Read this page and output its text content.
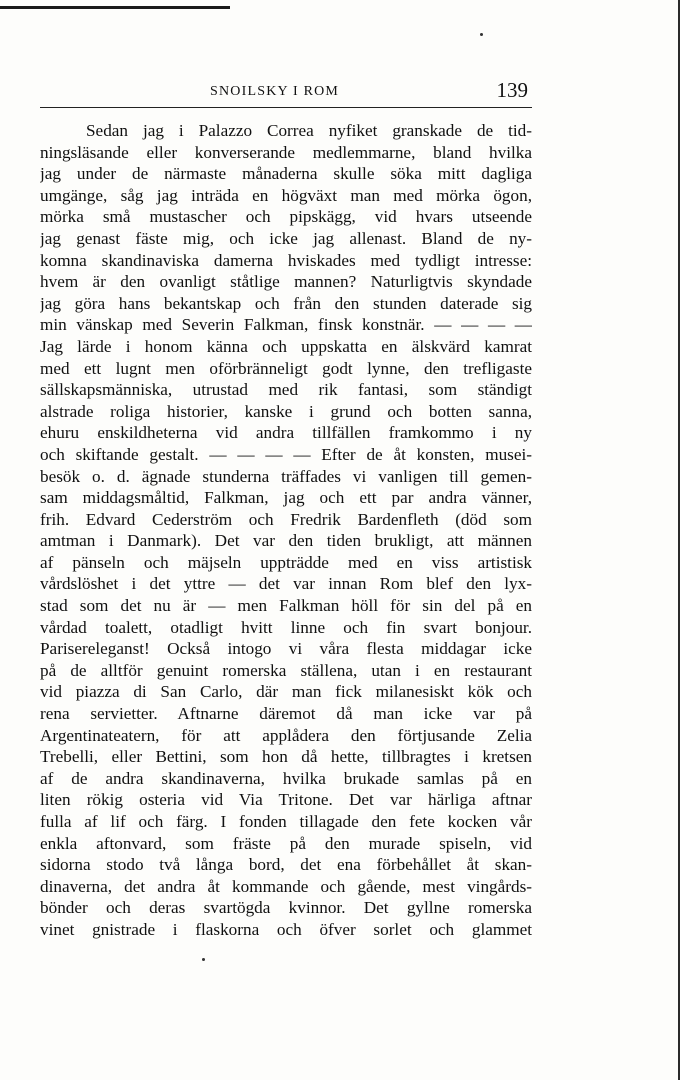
SNOILSKY I ROM	139
Sedan jag i Palazzo Correa nyfiket granskade de tid-
ningsläsande eller konverserande medlemmarne, bland hvilka
jag under de närmaste månaderna skulle söka mitt dagliga
umgänge, såg jag inträda en högväxt man med mörka ögon,
mörka små mustascher och pipskägg, vid hvars utseende
jag genast fäste mig, och icke jag allenast. Bland de ny-
komna skandinaviska damerna hviskades med tydligt intresse:
hvem är den ovanligt ståtlige mannen? Naturligtvis skyndade
jag göra hans bekantskap och från den stunden daterade sig
min vänskap med Severin Falkman, finsk konstnär. — — — —
Jag lärde i honom känna och uppskatta en älskvärd kamrat
med ett lugnt men oförbränneligt godt lynne, den trefligaste
sällskapsmänniska, utrustad med rik fantasi, som ständigt
alstrade roliga historier, kanske i grund och botten sanna,
ehuru enskildheterna vid andra tillfällen framkommo i ny
och skiftande gestalt. — — — — Efter de åt konsten, musei-
besök o. d. ägnade stunderna träffades vi vanligen till gemen-
sam middagsmåltid, Falkman, jag och ett par andra vänner,
frih. Edvard Cederström och Fredrik Bardenfleth (död som
amtman i Danmark). Det var den tiden brukligt, att männen
af pänseln och mäjseln uppträdde med en viss artistisk
vårdslöshet i det yttre — det var innan Rom blef den lyx-
stad som det nu är — men Falkman höll för sin del på en
vårdad toalett, otadligt hvitt linne och fin svart bonjour.
Parisereleganst! Också intogo vi våra flesta middagar icke
på de alltför genuint romerska ställena, utan i en restaurant
vid piazza di San Carlo, där man fick milanesiskt kök och
rena servietter. Aftnarne däremot då man icke var på
Argentinateatern, för att applådera den förtjusande Zelia
Trebelli, eller Bettini, som hon då hette, tillbragtes i kretsen
af de andra skandinaverna, hvilka brukade samlas på en
liten rökig osteria vid Via Tritone. Det var härliga aftnar
fulla af lif och färg. I fonden tillagade den fete kocken vår
enkla aftonvard, som fräste på den murade spiseln, vid
sidorna stodo två långa bord, det ena förbehållet åt skan-
dinaverna, det andra åt kommande och gående, mest vingårds-
bönder och deras svartögda kvinnor. Det gyllne romerska
vinet gnistrade i flaskorna och öfver sorlet och glammet
